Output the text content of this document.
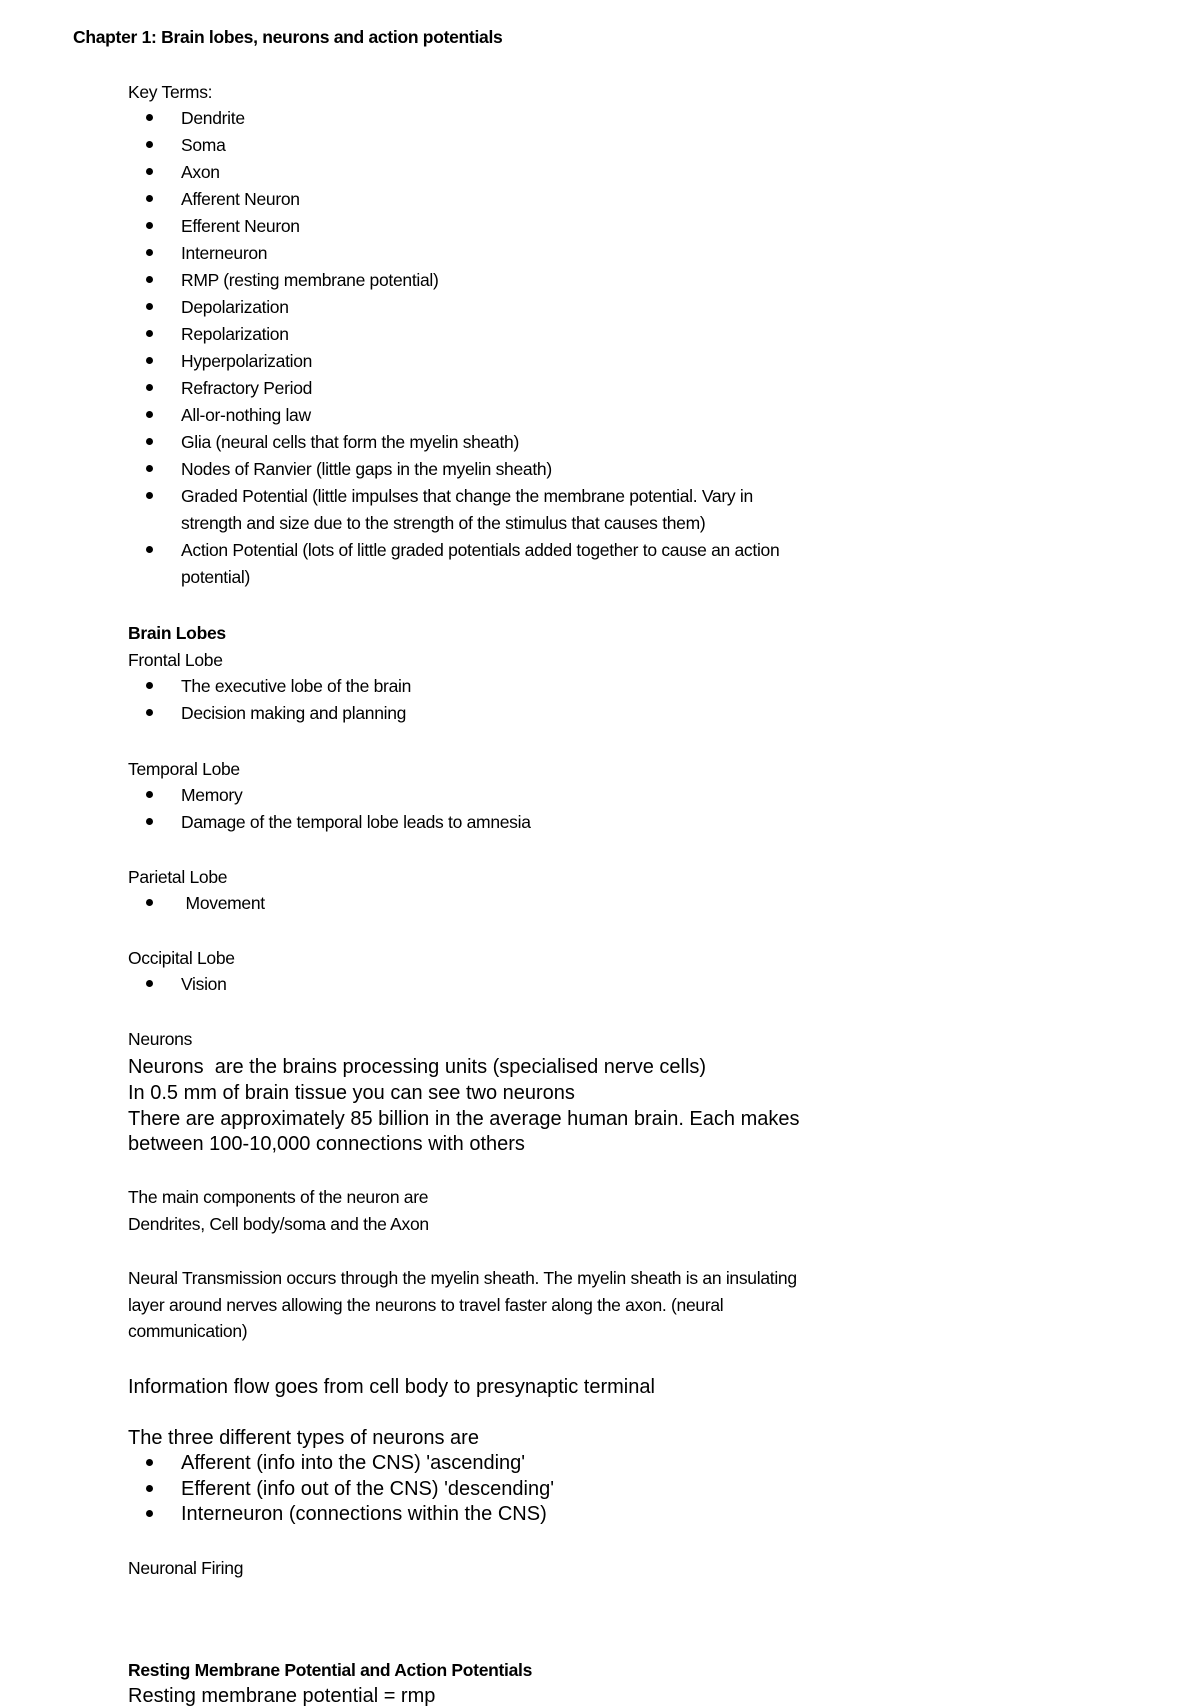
Chapter 1: Brain lobes, neurons and action potentials
Key Terms:
Dendrite
Soma
Axon
Afferent Neuron
Efferent Neuron
Interneuron
RMP (resting membrane potential)
Depolarization
Repolarization
Hyperpolarization
Refractory Period
All-or-nothing law
Glia (neural cells that form the myelin sheath)
Nodes of Ranvier (little gaps in the myelin sheath)
Graded Potential (little impulses that change the membrane potential. Vary in
strength and size due to the strength of the stimulus that causes them)
Action Potential (lots of little graded potentials added together to cause an action
potential)
Brain Lobes
Frontal Lobe
The executive lobe of the brain
Decision making and planning
Temporal Lobe
Memory
Damage of the temporal lobe leads to amnesia
Parietal Lobe
Movement
Occipital Lobe
Vision
Neurons
Neurons  are the brains processing units (specialised nerve cells)
In 0.5 mm of brain tissue you can see two neurons
There are approximately 85 billion in the average human brain. Each makes
between 100-10,000 connections with others
The main components of the neuron are
Dendrites, Cell body/soma and the Axon
Neural Transmission occurs through the myelin sheath. The myelin sheath is an insulating
layer around nerves allowing the neurons to travel faster along the axon. (neural
communication)
Information flow goes from cell body to presynaptic terminal
The three different types of neurons are
Afferent (info into the CNS) 'ascending'
Efferent (info out of the CNS) 'descending'
Interneuron (connections within the CNS)
Neuronal Firing
Resting Membrane Potential and Action Potentials
Resting membrane potential = rmp
